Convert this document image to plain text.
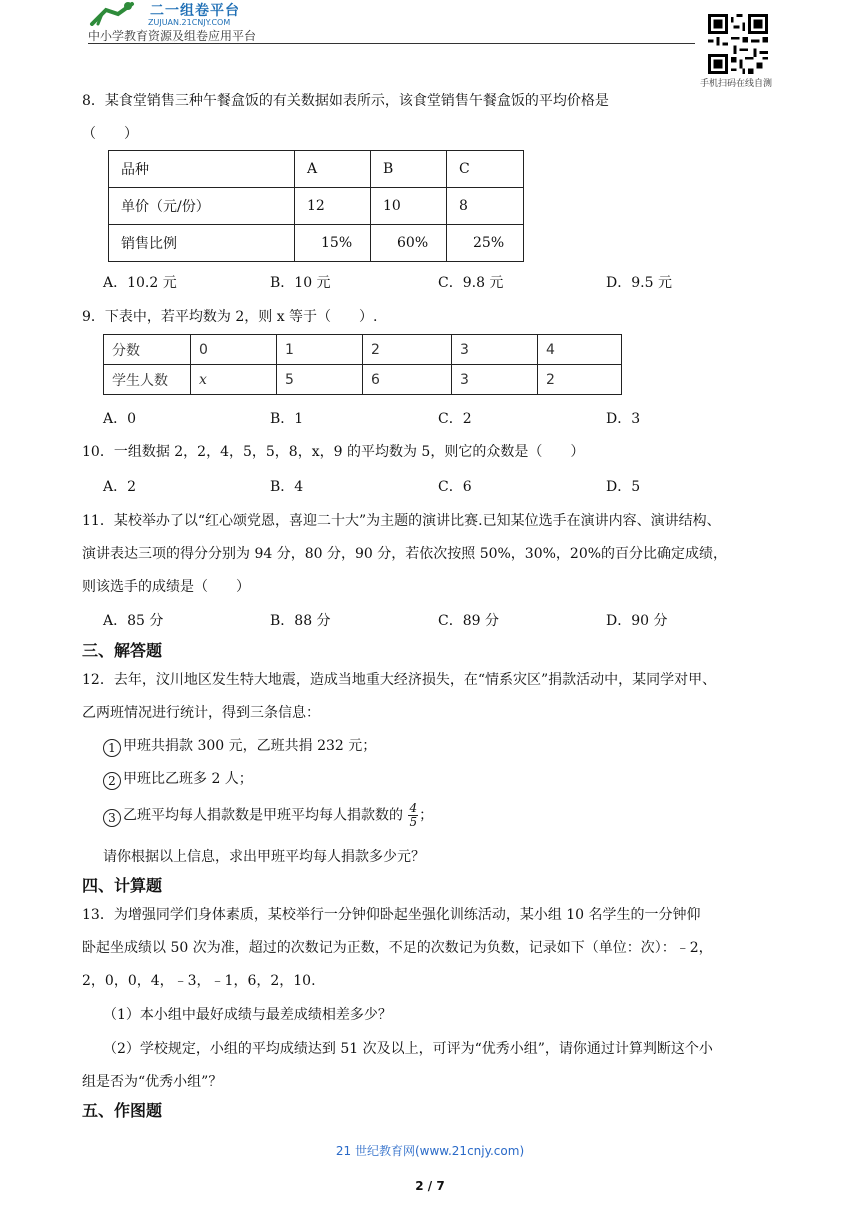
二一组卷平台
ZUJUAN.21CNJY.COM
中小学教育资源及组卷应用平台
手机扫码在线自测
8．某食堂销售三种午餐盒饭的有关数据如表所示，该食堂销售午餐盒饭的平均价格是
（　　）
品种	A	B	C
单价（元/份）	12	10	8
销售比例	15%	60%	25%
A．10.2 元	B．10 元	C．9.8 元	D．9.5 元
9．下表中，若平均数为 2，则 x 等于（　　）.
分数	0	1	2	3	4
学生人数	x	5	6	3	2
A．0	B．1	C．2	D．3
10．一组数据 2，2，4，5，5，8，x，9 的平均数为 5，则它的众数是（　　）
A．2	B．4	C．6	D．5
11．某校举办了以“红心颂党恩，喜迎二十大”为主题的演讲比赛.已知某位选手在演讲内容、演讲结构、
演讲表达三项的得分分别为 94 分，80 分，90 分，若依次按照 50%，30%，20%的百分比确定成绩，
则该选手的成绩是（　　）
A．85 分	B．88 分	C．89 分	D．90 分
三、解答题
12．去年，汶川地区发生特大地震，造成当地重大经济损失，在“情系灾区”捐款活动中，某同学对甲、
乙两班情况进行统计，得到三条信息：
1 甲班共捐款 300 元，乙班共捐 232 元；
2 甲班比乙班多 2 人；
3 乙班平均每人捐款数是甲班平均每人捐款数的 $\frac{4}{5}$ ；
请你根据以上信息，求出甲班平均每人捐款多少元？
四、计算题
13．为增强同学们身体素质，某校举行一分钟仰卧起坐强化训练活动，某小组 10 名学生的一分钟仰
卧起坐成绩以 50 次为准，超过的次数记为正数，不足的次数记为负数，记录如下（单位：次）：﹣2，
2，0，0，4，﹣3，﹣1，6，2，10.
（1）本小组中最好成绩与最差成绩相差多少？
（2）学校规定，小组的平均成绩达到 51 次及以上，可评为“优秀小组”，请你通过计算判断这个小
组是否为“优秀小组”？
五、作图题
21 世纪教育网(www.21cnjy.com)
2 / 7
